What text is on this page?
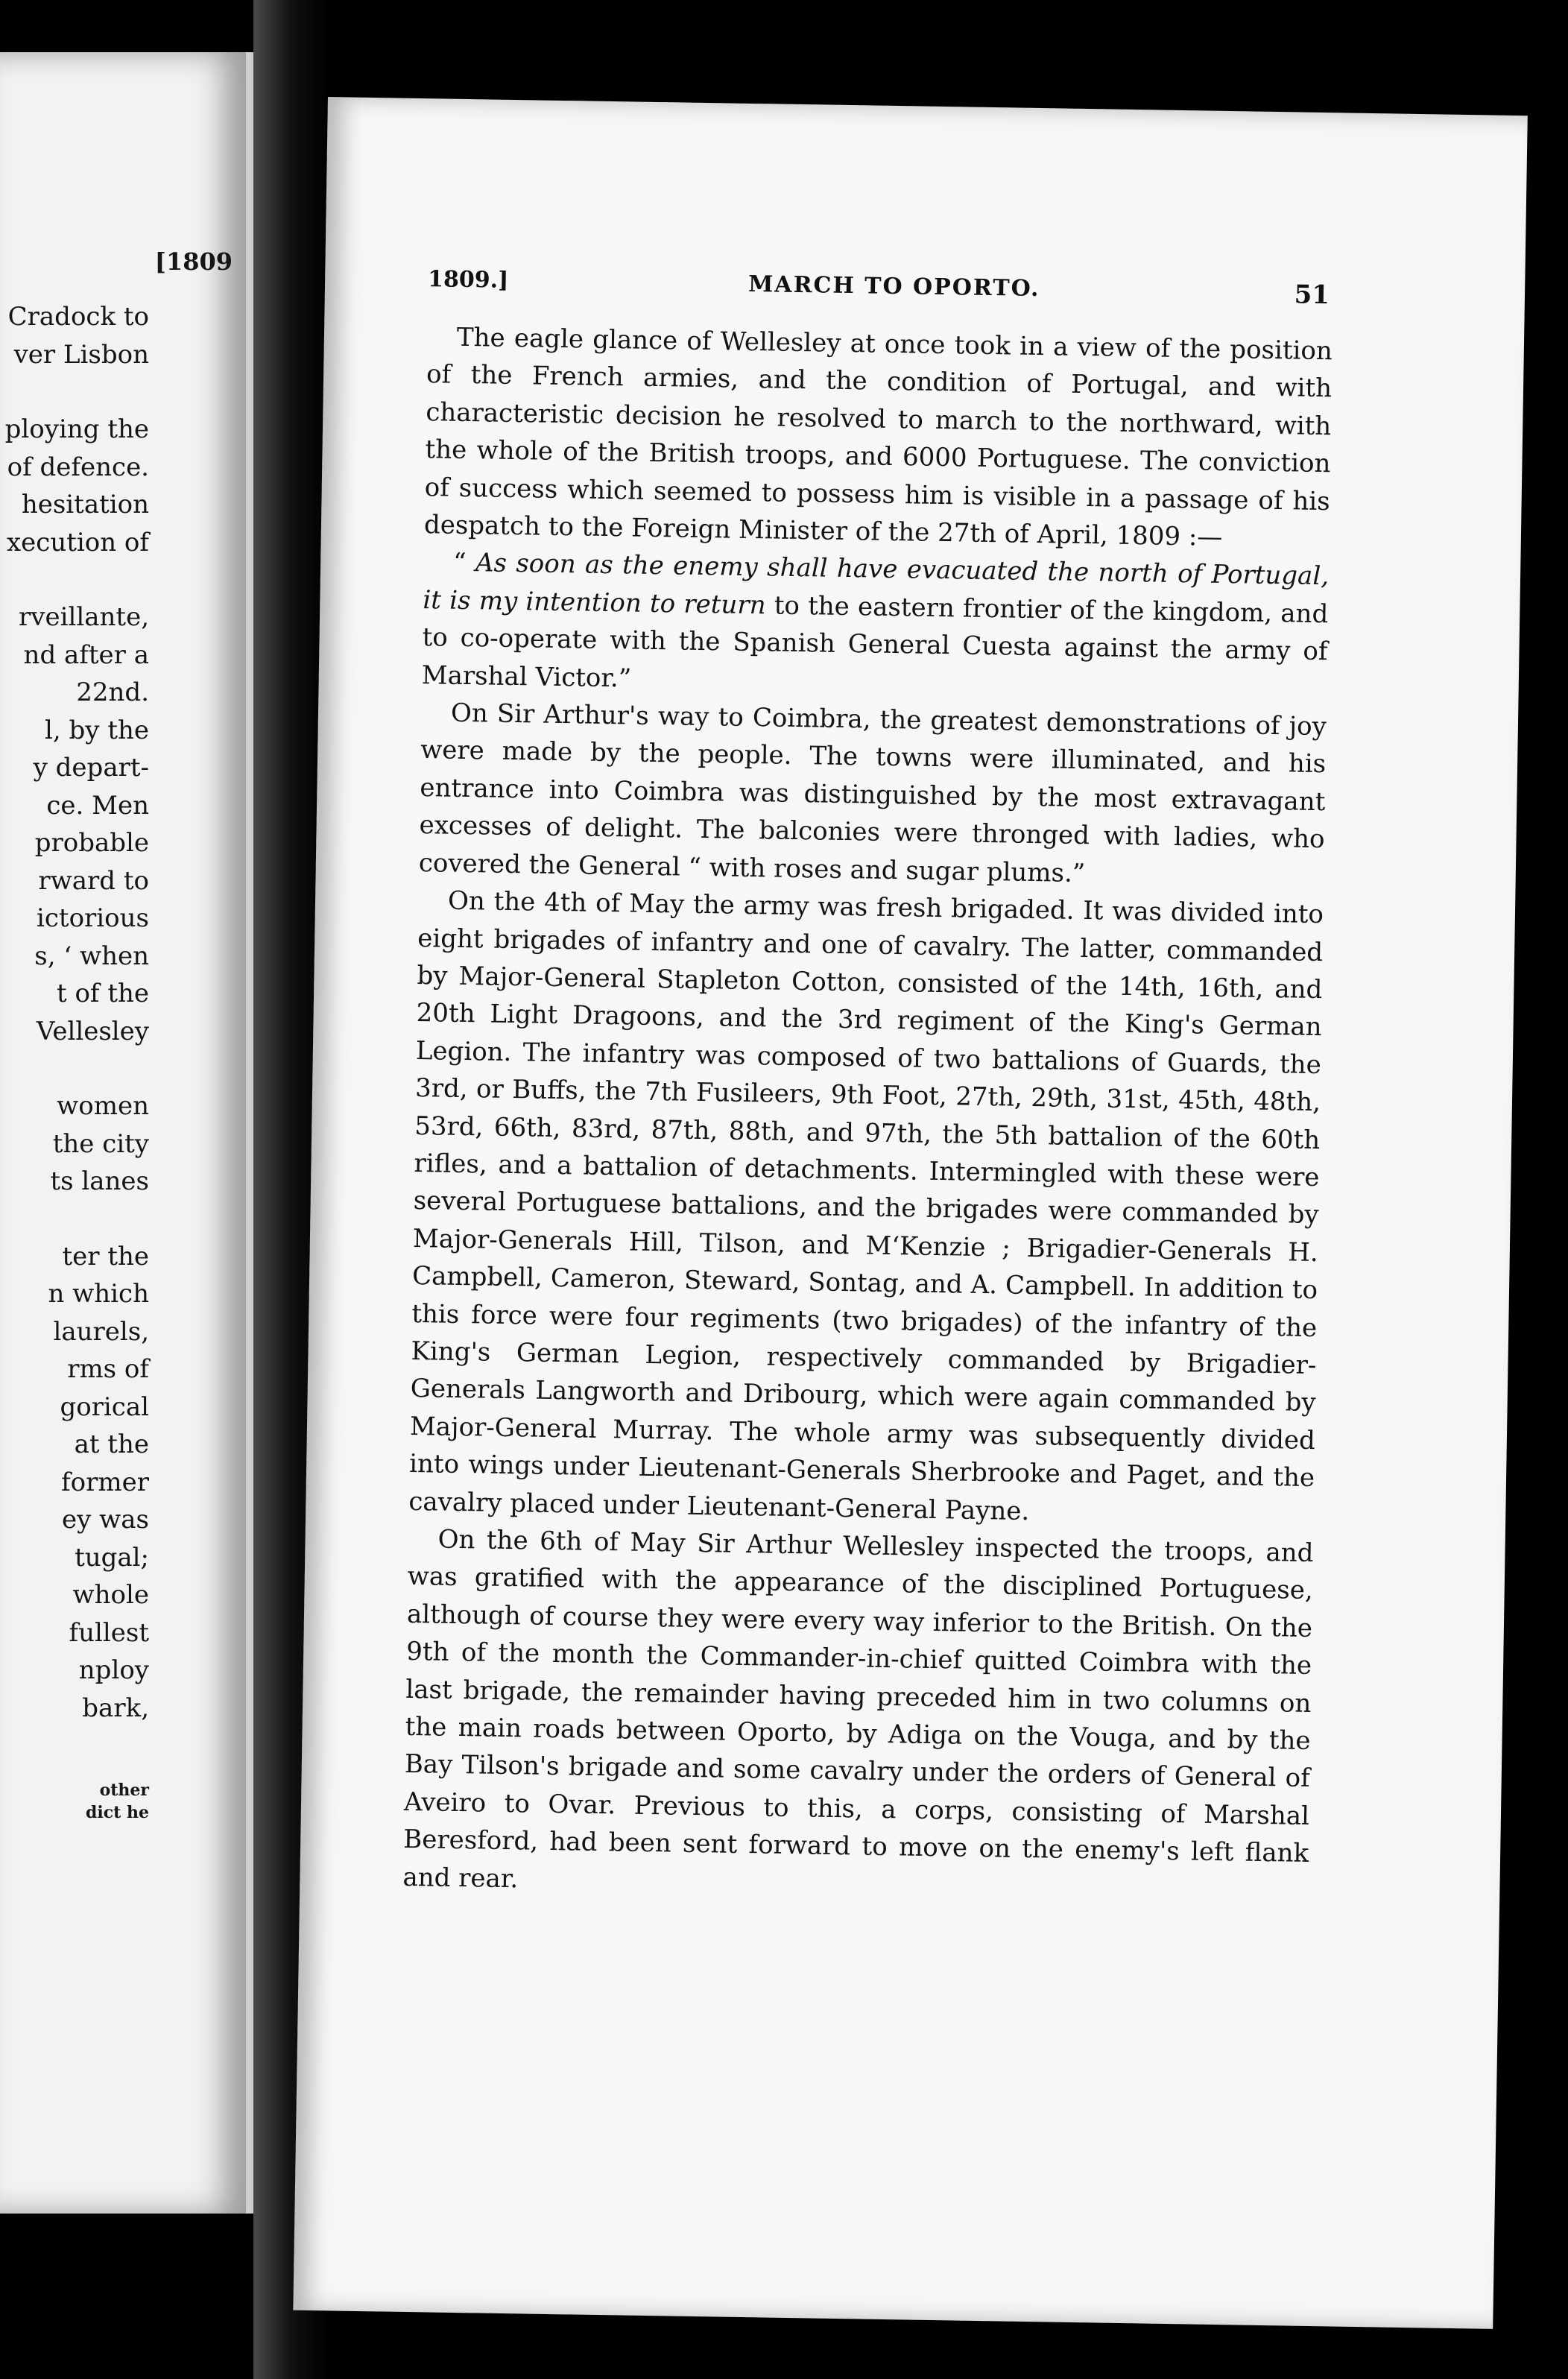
[1809
Cradock to
ver Lisbon
ploying the
of defence.
hesitation
xecution of
rveillante,
nd after a
22nd.
l, by the
y depart-
ce. Men
probable
rward to
ictorious
s, ‘ when
t of the
Vellesley
women
the city
ts lanes
ter the
n which
laurels,
rms of
gorical
at the
former
ey was
tugal;
whole
fullest
nploy
bark,
other
dict he
1809.]	MARCH TO OPORTO.	51

The eagle glance of Wellesley at once took in a view of the position of the French armies, and the condition of Portugal, and with characteristic decision he resolved to march to the northward, with the whole of the British troops, and 6000 Portuguese. The conviction of success which seemed to possess him is visible in a passage of his despatch to the Foreign Minister of the 27th of April, 1809 :—

“ As soon as the enemy shall have evacuated the north of Portugal, it is my intention to return to the eastern frontier of the kingdom, and to co-operate with the Spanish General Cuesta against the army of Marshal Victor.”

On Sir Arthur's way to Coimbra, the greatest demonstrations of joy were made by the people. The towns were illuminated, and his entrance into Coimbra was distinguished by the most extravagant excesses of delight. The balconies were thronged with ladies, who covered the General “ with roses and sugar plums.”

On the 4th of May the army was fresh brigaded. It was divided into eight brigades of infantry and one of cavalry. The latter, commanded by Major-General Stapleton Cotton, consisted of the 14th, 16th, and 20th Light Dragoons, and the 3rd regiment of the King's German Legion. The infantry was composed of two battalions of Guards, the 3rd, or Buffs, the 7th Fusileers, 9th Foot, 27th, 29th, 31st, 45th, 48th, 53rd, 66th, 83rd, 87th, 88th, and 97th, the 5th battalion of the 60th rifles, and a battalion of detachments. Intermingled with these were several Portuguese battalions, and the brigades were commanded by Major-Generals Hill, Tilson, and M‘Kenzie ; Brigadier-Generals H. Campbell, Cameron, Steward, Sontag, and A. Campbell. In addition to this force were four regiments (two brigades) of the infantry of the King's German Legion, respectively commanded by Brigadier-Generals Langworth and Dribourg, which were again commanded by Major-General Murray. The whole army was subsequently divided into wings under Lieutenant-Generals Sherbrooke and Paget, and the cavalry placed under Lieutenant-General Payne.

On the 6th of May Sir Arthur Wellesley inspected the troops, and was gratified with the appearance of the disciplined Portuguese, although of course they were every way inferior to the British. On the 9th of the month the Commander-in-chief quitted Coimbra with the last brigade, the remainder having preceded him in two columns on the main roads between Oporto, by Adiga on the Vouga, and by the Bay Tilson's brigade and some cavalry under the orders of General of Aveiro to Ovar. Previous to this, a corps, consisting of Marshal Beresford, had been sent forward to move on the enemy's left flank and rear.
